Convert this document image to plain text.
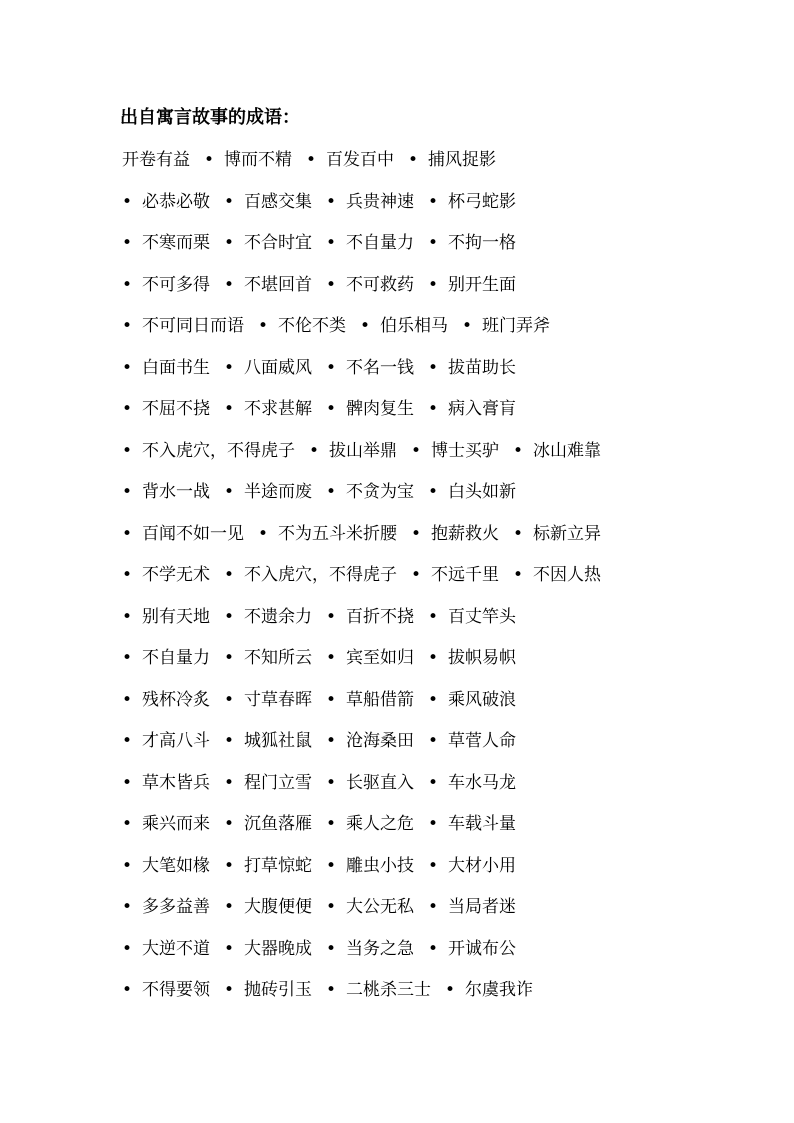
出自寓言故事的成语：
开卷有益 • 博而不精 • 百发百中 • 捕风捉影
• 必恭必敬 • 百感交集 • 兵贵神速 • 杯弓蛇影
• 不寒而栗 • 不合时宜 • 不自量力 • 不拘一格
• 不可多得 • 不堪回首 • 不可救药 • 别开生面
• 不可同日而语 • 不伦不类 • 伯乐相马 • 班门弄斧
• 白面书生 • 八面威风 • 不名一钱 • 拔苗助长
• 不屈不挠 • 不求甚解 • 髀肉复生 • 病入膏肓
• 不入虎穴，不得虎子 • 拔山举鼎 • 博士买驴 • 冰山难靠
• 背水一战 • 半途而废 • 不贪为宝 • 白头如新
• 百闻不如一见 • 不为五斗米折腰 • 抱薪救火 • 标新立异
• 不学无术 • 不入虎穴，不得虎子 • 不远千里 • 不因人热
• 别有天地 • 不遗余力 • 百折不挠 • 百丈竿头
• 不自量力 • 不知所云 • 宾至如归 • 拔帜易帜
• 残杯冷炙 • 寸草春晖 • 草船借箭 • 乘风破浪
• 才高八斗 • 城狐社鼠 • 沧海桑田 • 草菅人命
• 草木皆兵 • 程门立雪 • 长驱直入 • 车水马龙
• 乘兴而来 • 沉鱼落雁 • 乘人之危 • 车载斗量
• 大笔如椽 • 打草惊蛇 • 雕虫小技 • 大材小用
• 多多益善 • 大腹便便 • 大公无私 • 当局者迷
• 大逆不道 • 大器晚成 • 当务之急 • 开诚布公
• 不得要领 • 抛砖引玉 • 二桃杀三士 • 尔虞我诈
